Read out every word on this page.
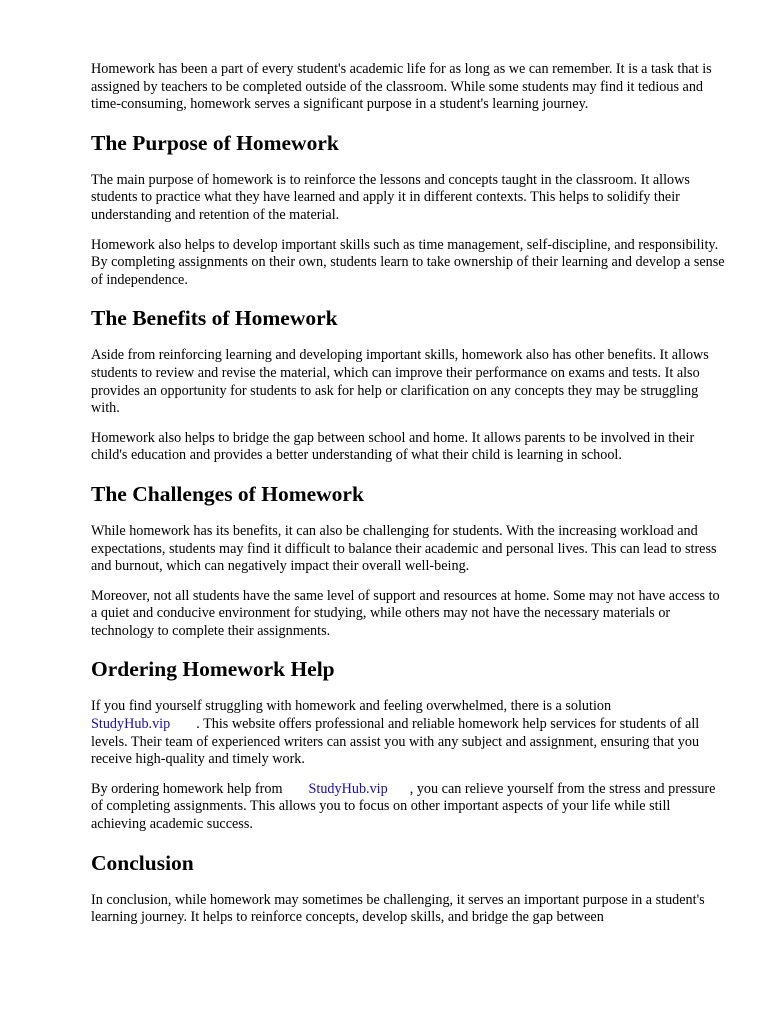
Homework has been a part of every student's academic life for as long as we can remember. It is a task that is assigned by teachers to be completed outside of the classroom. While some students may find it tedious and time-consuming, homework serves a significant purpose in a student's learning journey.

The Purpose of Homework

The main purpose of homework is to reinforce the lessons and concepts taught in the classroom. It allows students to practice what they have learned and apply it in different contexts. This helps to solidify their understanding and retention of the material.

Homework also helps to develop important skills such as time management, self-discipline, and responsibility. By completing assignments on their own, students learn to take ownership of their learning and develop a sense of independence.

The Benefits of Homework

Aside from reinforcing learning and developing important skills, homework also has other benefits. It allows students to review and revise the material, which can improve their performance on exams and tests. It also provides an opportunity for students to ask for help or clarification on any concepts they may be struggling with.

Homework also helps to bridge the gap between school and home. It allows parents to be involved in their child's education and provides a better understanding of what their child is learning in school.

The Challenges of Homework

While homework has its benefits, it can also be challenging for students. With the increasing workload and expectations, students may find it difficult to balance their academic and personal lives. This can lead to stress and burnout, which can negatively impact their overall well-being.

Moreover, not all students have the same level of support and resources at home. Some may not have access to a quiet and conducive environment for studying, while others may not have the necessary materials or technology to complete their assignments.

Ordering Homework Help

If you find yourself struggling with homework and feeling overwhelmed, there is a solution
StudyHub.vip . This website offers professional and reliable homework help services for students of all levels. Their team of experienced writers can assist you with any subject and assignment, ensuring that you receive high-quality and timely work.

By ordering homework help from StudyHub.vip , you can relieve yourself from the stress and pressure of completing assignments. This allows you to focus on other important aspects of your life while still achieving academic success.

Conclusion

In conclusion, while homework may sometimes be challenging, it serves an important purpose in a student's learning journey. It helps to reinforce concepts, develop skills, and bridge the gap between
